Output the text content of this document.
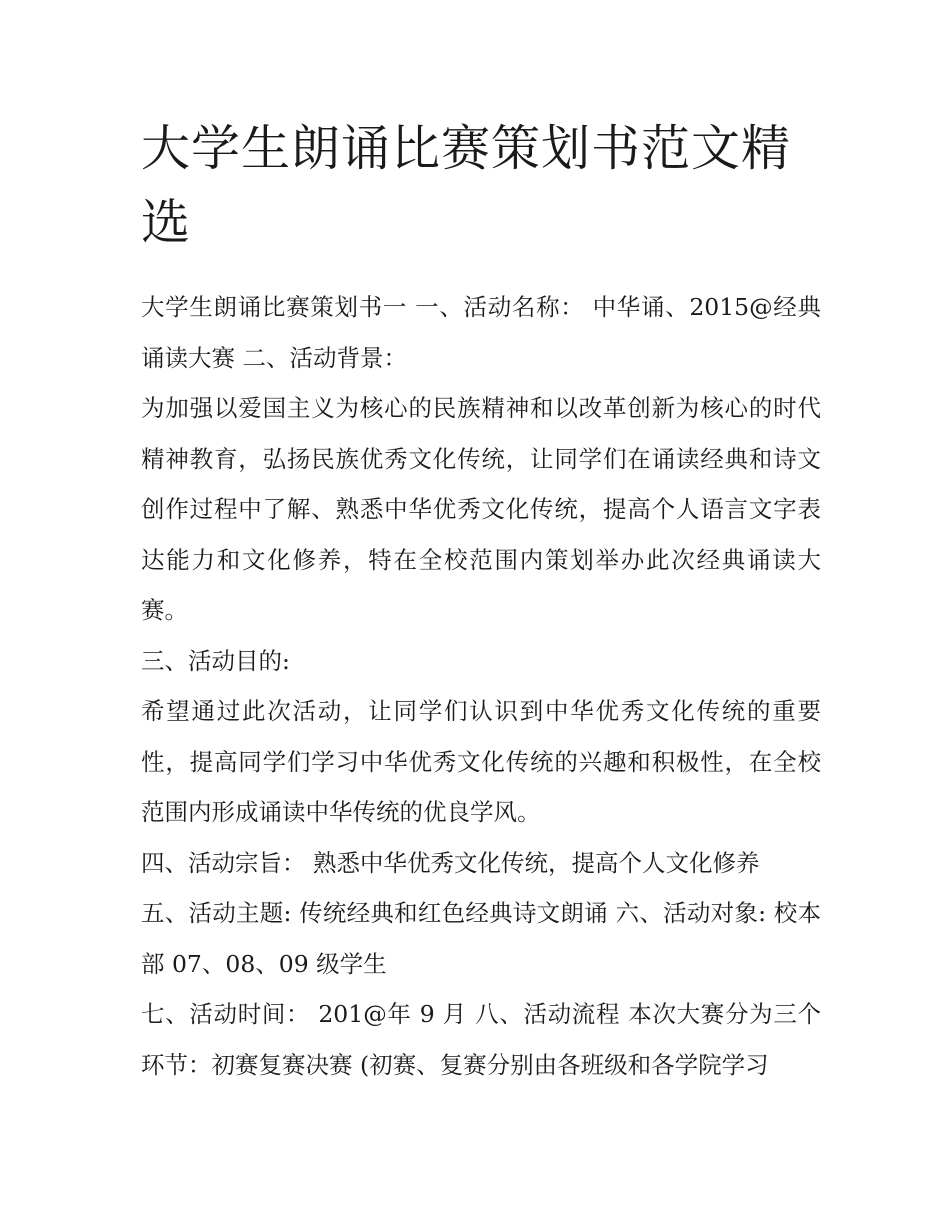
大学生朗诵比赛策划书范文精选

大学生朗诵比赛策划书一 一、活动名称： 中华诵、2015@经典诵读大赛 二、活动背景：

为加强以爱国主义为核心的民族精神和以改革创新为核心的时代精神教育，弘扬民族优秀文化传统，让同学们在诵读经典和诗文创作过程中了解、熟悉中华优秀文化传统，提高个人语言文字表达能力和文化修养，特在全校范围内策划举办此次经典诵读大赛。

三、活动目的:

希望通过此次活动，让同学们认识到中华优秀文化传统的重要性，提高同学们学习中华优秀文化传统的兴趣和积极性，在全校范围内形成诵读中华传统的优良学风。

四、活动宗旨： 熟悉中华优秀文化传统，提高个人文化修养

五、活动主题: 传统经典和红色经典诗文朗诵 六、活动对象: 校本部 07、08、09 级学生

七、活动时间： 201@年 9 月 八、活动流程 本次大赛分为三个环节：初赛复赛决赛 (初赛、复赛分别由各班级和各学院学习
